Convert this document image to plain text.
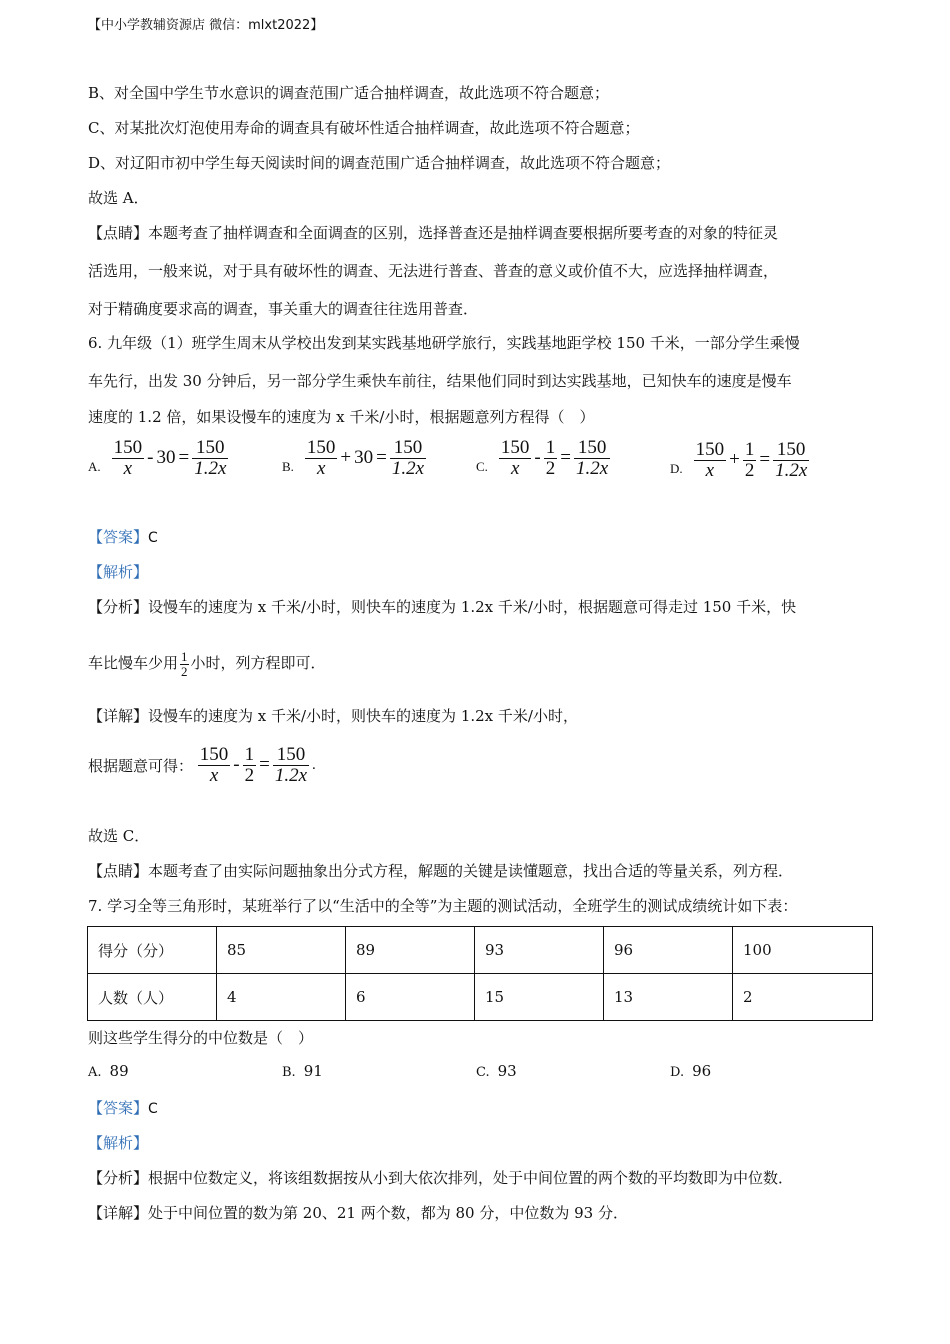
【中小学教辅资源店 微信：mlxt2022】
B、对全国中学生节水意识的调查范围广适合抽样调查，故此选项不符合题意；
C、对某批次灯泡使用寿命的调查具有破坏性适合抽样调查，故此选项不符合题意；
D、对辽阳市初中学生每天阅读时间的调查范围广适合抽样调查，故此选项不符合题意；
故选 A．
【点睛】本题考查了抽样调查和全面调查的区别，选择普查还是抽样调查要根据所要考查的对象的特征灵
活选用，一般来说，对于具有破坏性的调查、无法进行普查、普查的意义或价值不大，应选择抽样调查，
对于精确度要求高的调查，事关重大的调查往往选用普查．
6. 九年级（1）班学生周末从学校出发到某实践基地研学旅行，实践基地距学校 150 千米，一部分学生乘慢
车先行，出发 30 分钟后，另一部分学生乘快车前往，结果他们同时到达实践基地，已知快车的速度是慢车
速度的 1.2 倍，如果设慢车的速度为 x 千米/小时，根据题意列方程得（　）
A. $\frac{150}{x} - 30 = \frac{150}{1.2x}$	B. $\frac{150}{x} + 30 = \frac{150}{1.2x}$	C. $\frac{150}{x} - \frac{1}{2} = \frac{150}{1.2x}$	D. $\frac{150}{x} + \frac{1}{2} = \frac{150}{1.2x}$
【答案】C
【解析】
【分析】设慢车的速度为 x 千米/小时，则快车的速度为 1.2x 千米/小时，根据题意可得走过 150 千米，快
车比慢车少用 $\frac{1}{2}$ 小时，列方程即可．
【详解】设慢车的速度为 x 千米/小时，则快车的速度为 1.2x 千米/小时，
根据题意可得： $\frac{150}{x} - \frac{1}{2} = \frac{150}{1.2x}$ .
故选 C．
【点睛】本题考查了由实际问题抽象出分式方程，解题的关键是读懂题意，找出合适的等量关系，列方程．
7. 学习全等三角形时，某班举行了以“生活中的全等”为主题的测试活动，全班学生的测试成绩统计如下表：
得分（分）	85	89	93	96	100
人数（人）	4	6	15	13	2
则这些学生得分的中位数是（　）
A. 89	B. 91	C. 93	D. 96
【答案】C
【解析】
【分析】根据中位数定义，将该组数据按从小到大依次排列，处于中间位置的两个数的平均数即为中位数．
【详解】处于中间位置的数为第 20、21 两个数，都为 80 分，中位数为 93 分．
